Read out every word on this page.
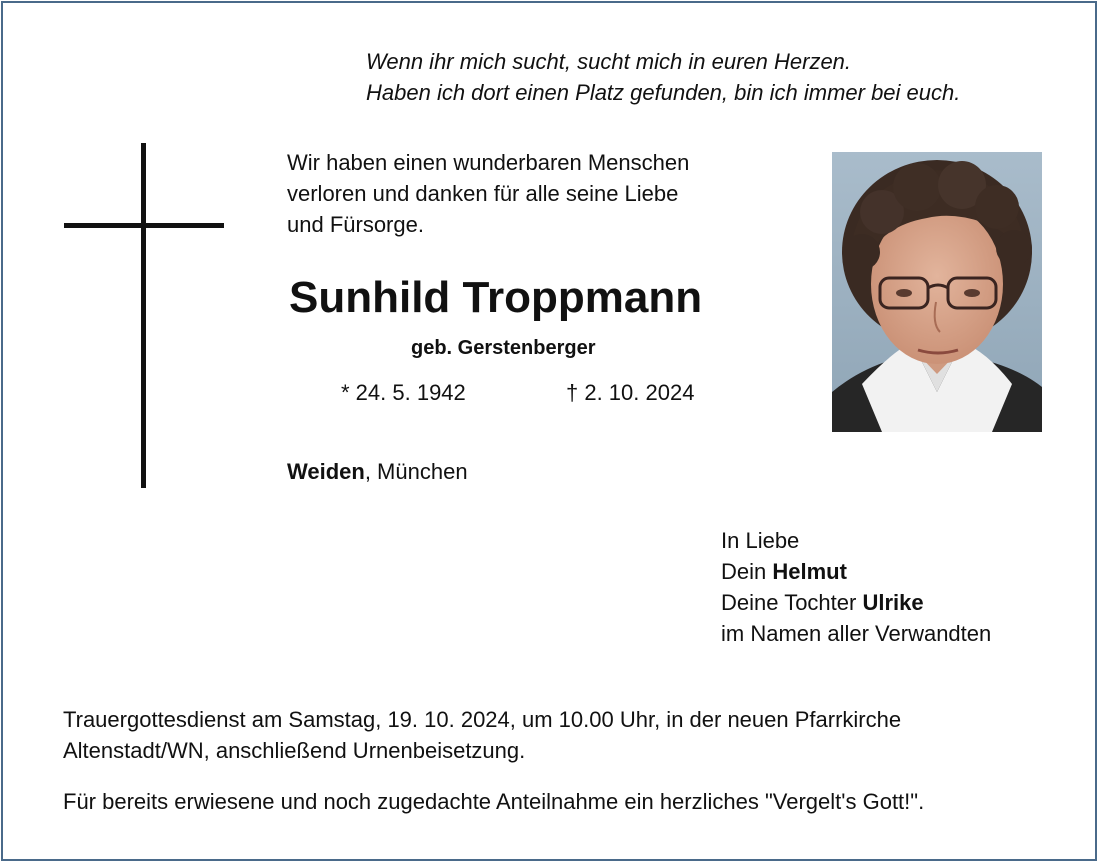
Wenn ihr mich sucht, sucht mich in euren Herzen.
Haben ich dort einen Platz gefunden, bin ich immer bei euch.
Wir haben einen wunderbaren Menschen
verloren und danken für alle seine Liebe
und Fürsorge.
Sunhild Troppmann
geb. Gerstenberger
* 24. 5. 1942	† 2. 10. 2024
Weiden, München
In Liebe
Dein Helmut
Deine Tochter Ulrike
im Namen aller Verwandten
Trauergottesdienst am Samstag, 19. 10. 2024, um 10.00 Uhr, in der neuen Pfarrkirche
Altenstadt/WN, anschließend Urnenbeisetzung.
Für bereits erwiesene und noch zugedachte Anteilnahme ein herzliches "Vergelt's Gott!".
